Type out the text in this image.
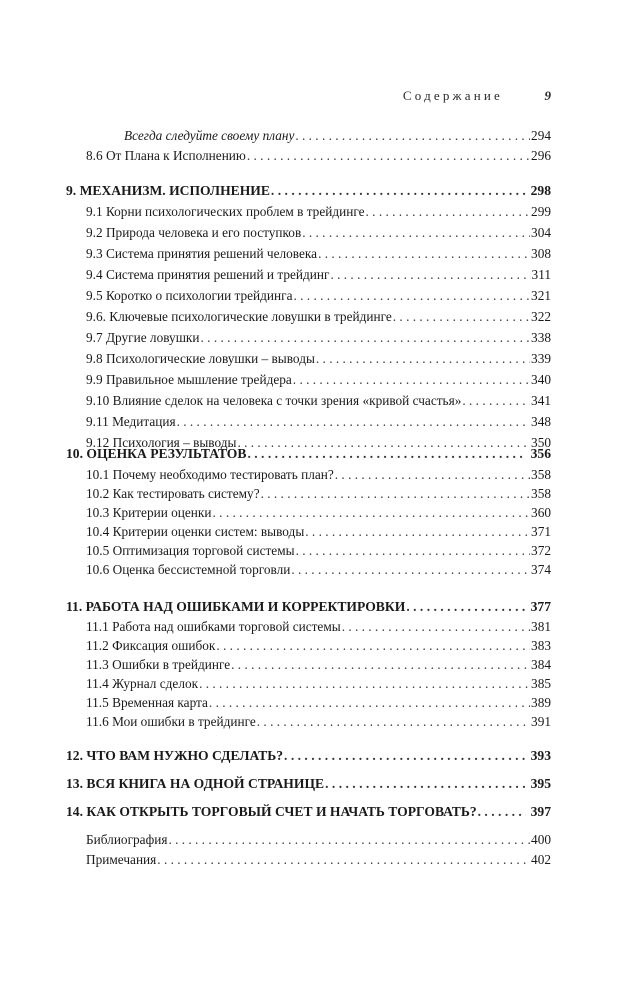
Содержание	9
Всегда следуйте своему плану . . .	294
8.6 От Плана к Исполнению . . .	296
9. МЕХАНИЗМ. ИСПОЛНЕНИЕ . . .	298
9.1 Корни психологических проблем в трейдинге . . .	299
9.2 Природа человека и его поступков . . .	304
9.3 Система принятия решений человека . . .	308
9.4 Система принятия решений и трейдинг . . .	311
9.5 Коротко о психологии трейдинга . . .	321
9.6. Ключевые психологические ловушки в трейдинге . . .	322
9.7 Другие ловушки . . .	338
9.8 Психологические ловушки – выводы . . .	339
9.9 Правильное мышление трейдера . . .	340
9.10 Влияние сделок на человека с точки зрения «кривой счастья» . . .	341
9.11 Медитация . . .	348
9.12 Психология – выводы . . .	350
10. ОЦЕНКА РЕЗУЛЬТАТОВ . . .	356
10.1 Почему необходимо тестировать план? . . .	358
10.2 Как тестировать систему? . . .	358
10.3 Критерии оценки . . .	360
10.4 Критерии оценки систем: выводы . . .	371
10.5 Оптимизация торговой системы . . .	372
10.6 Оценка бессистемной торговли . . .	374
11. РАБОТА НАД ОШИБКАМИ И КОРРЕКТИРОВКИ . . .	377
11.1 Работа над ошибками торговой системы . . .	381
11.2 Фиксация ошибок . . .	383
11.3 Ошибки в трейдинге . . .	384
11.4 Журнал сделок . . .	385
11.5 Временная карта . . .	389
11.6 Мои ошибки в трейдинге . . .	391
12. ЧТО ВАМ НУЖНО СДЕЛАТЬ? . . .	393
13. ВСЯ КНИГА НА ОДНОЙ СТРАНИЦЕ . . .	395
14. КАК ОТКРЫТЬ ТОРГОВЫЙ СЧЕТ И НАЧАТЬ ТОРГОВАТЬ? . . .	397
Библиография . . .	400
Примечания . . .	402
